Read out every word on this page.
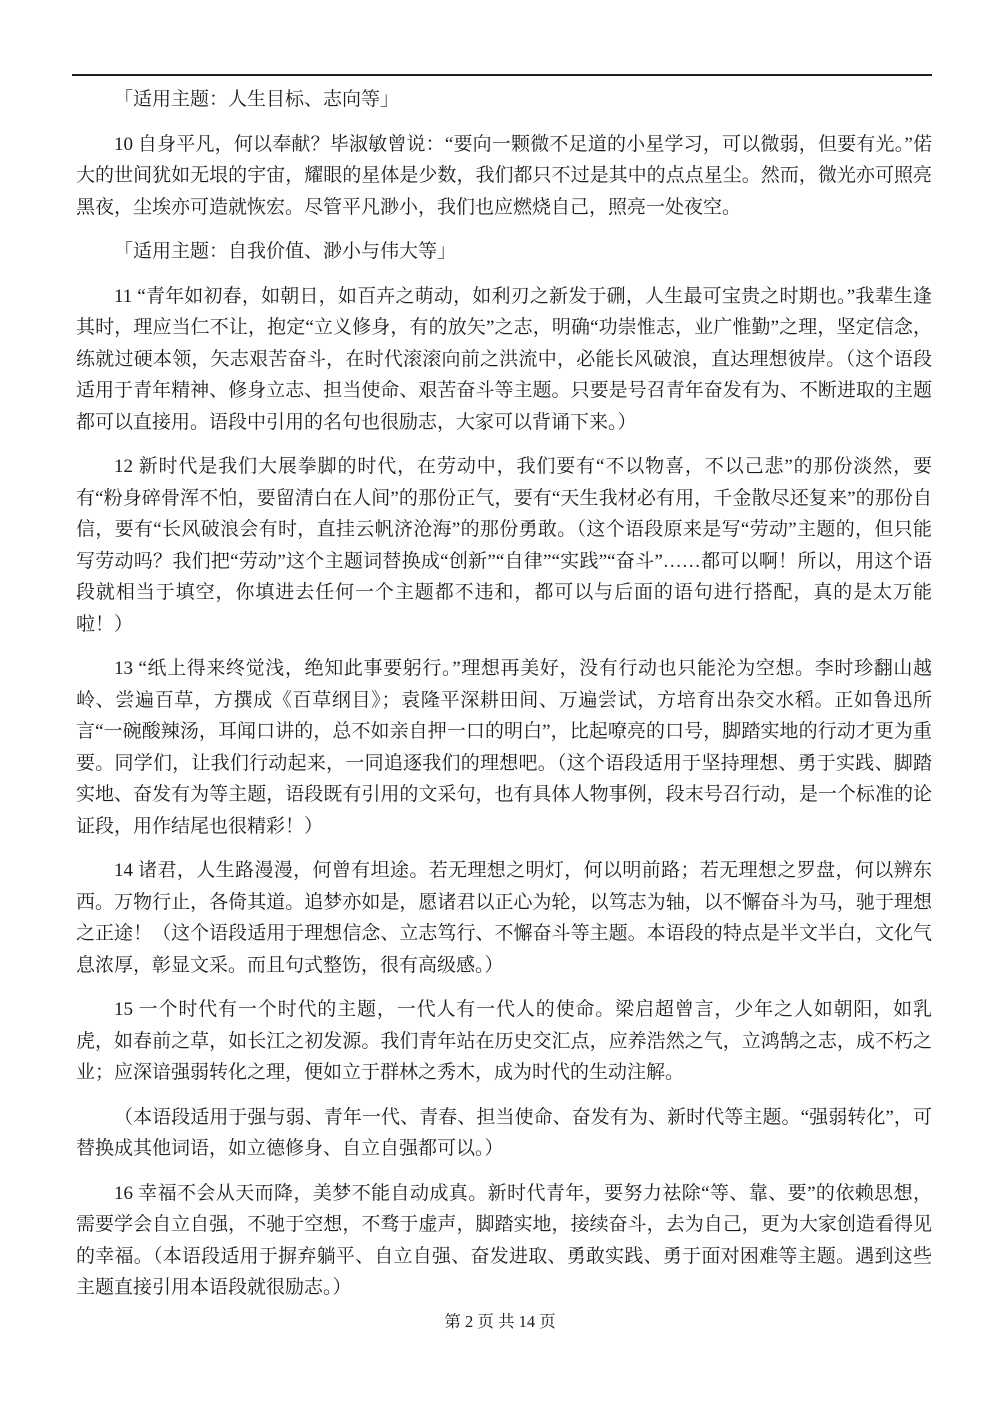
「适用主题：人生目标、志向等」

10 自身平凡，何以奉献？毕淑敏曾说：“要向一颗微不足道的小星学习，可以微弱，但要有光。”偌大的世间犹如无垠的宇宙，耀眼的星体是少数，我们都只不过是其中的点点星尘。然而，微光亦可照亮黑夜，尘埃亦可造就恢宏。尽管平凡渺小，我们也应燃烧自己，照亮一处夜空。

「适用主题：自我价值、渺小与伟大等」

11 “青年如初春，如朝日，如百卉之萌动，如利刃之新发于硎，人生最可宝贵之时期也。”我辈生逢其时，理应当仁不让，抱定“立义修身，有的放矢”之志，明确“功崇惟志，业广惟勤”之理，坚定信念，练就过硬本领，矢志艰苦奋斗，在时代滚滚向前之洪流中，必能长风破浪，直达理想彼岸。（这个语段适用于青年精神、修身立志、担当使命、艰苦奋斗等主题。只要是号召青年奋发有为、不断进取的主题都可以直接用。语段中引用的名句也很励志，大家可以背诵下来。）

12 新时代是我们大展拳脚的时代，在劳动中，我们要有“不以物喜，不以己悲”的那份淡然，要有“粉身碎骨浑不怕，要留清白在人间”的那份正气，要有“天生我材必有用，千金散尽还复来”的那份自信，要有“长风破浪会有时，直挂云帆济沧海”的那份勇敢。（这个语段原来是写“劳动”主题的，但只能写劳动吗？我们把“劳动”这个主题词替换成“创新”“自律”“实践”“奋斗”……都可以啊！所以，用这个语段就相当于填空，你填进去任何一个主题都不违和，都可以与后面的语句进行搭配，真的是太万能啦！）

13 “纸上得来终觉浅，绝知此事要躬行。”理想再美好，没有行动也只能沦为空想。李时珍翻山越岭、尝遍百草，方撰成《百草纲目》；袁隆平深耕田间、万遍尝试，方培育出杂交水稻。正如鲁迅所言“一碗酸辣汤，耳闻口讲的，总不如亲自押一口的明白”，比起嘹亮的口号，脚踏实地的行动才更为重要。同学们，让我们行动起来，一同追逐我们的理想吧。（这个语段适用于坚持理想、勇于实践、脚踏实地、奋发有为等主题，语段既有引用的文采句，也有具体人物事例，段末号召行动，是一个标准的论证段，用作结尾也很精彩！）

14 诸君，人生路漫漫，何曾有坦途。若无理想之明灯，何以明前路；若无理想之罗盘，何以辨东西。万物行止，各倚其道。追梦亦如是，愿诸君以正心为轮，以笃志为轴，以不懈奋斗为马，驰于理想之正途！（这个语段适用于理想信念、立志笃行、不懈奋斗等主题。本语段的特点是半文半白，文化气息浓厚，彰显文采。而且句式整饬，很有高级感。）

15 一个时代有一个时代的主题，一代人有一代人的使命。梁启超曾言，少年之人如朝阳，如乳虎，如春前之草，如长江之初发源。我们青年站在历史交汇点，应养浩然之气，立鸿鹄之志，成不朽之业；应深谙强弱转化之理，便如立于群林之秀木，成为时代的生动注解。

（本语段适用于强与弱、青年一代、青春、担当使命、奋发有为、新时代等主题。“强弱转化”，可替换成其他词语，如立德修身、自立自强都可以。）

16 幸福不会从天而降，美梦不能自动成真。新时代青年，要努力祛除“等、靠、要”的依赖思想，需要学会自立自强，不驰于空想，不骛于虚声，脚踏实地，接续奋斗，去为自己，更为大家创造看得见的幸福。（本语段适用于摒弃躺平、自立自强、奋发进取、勇敢实践、勇于面对困难等主题。遇到这些主题直接引用本语段就很励志。）

第 2 页 共 14 页
